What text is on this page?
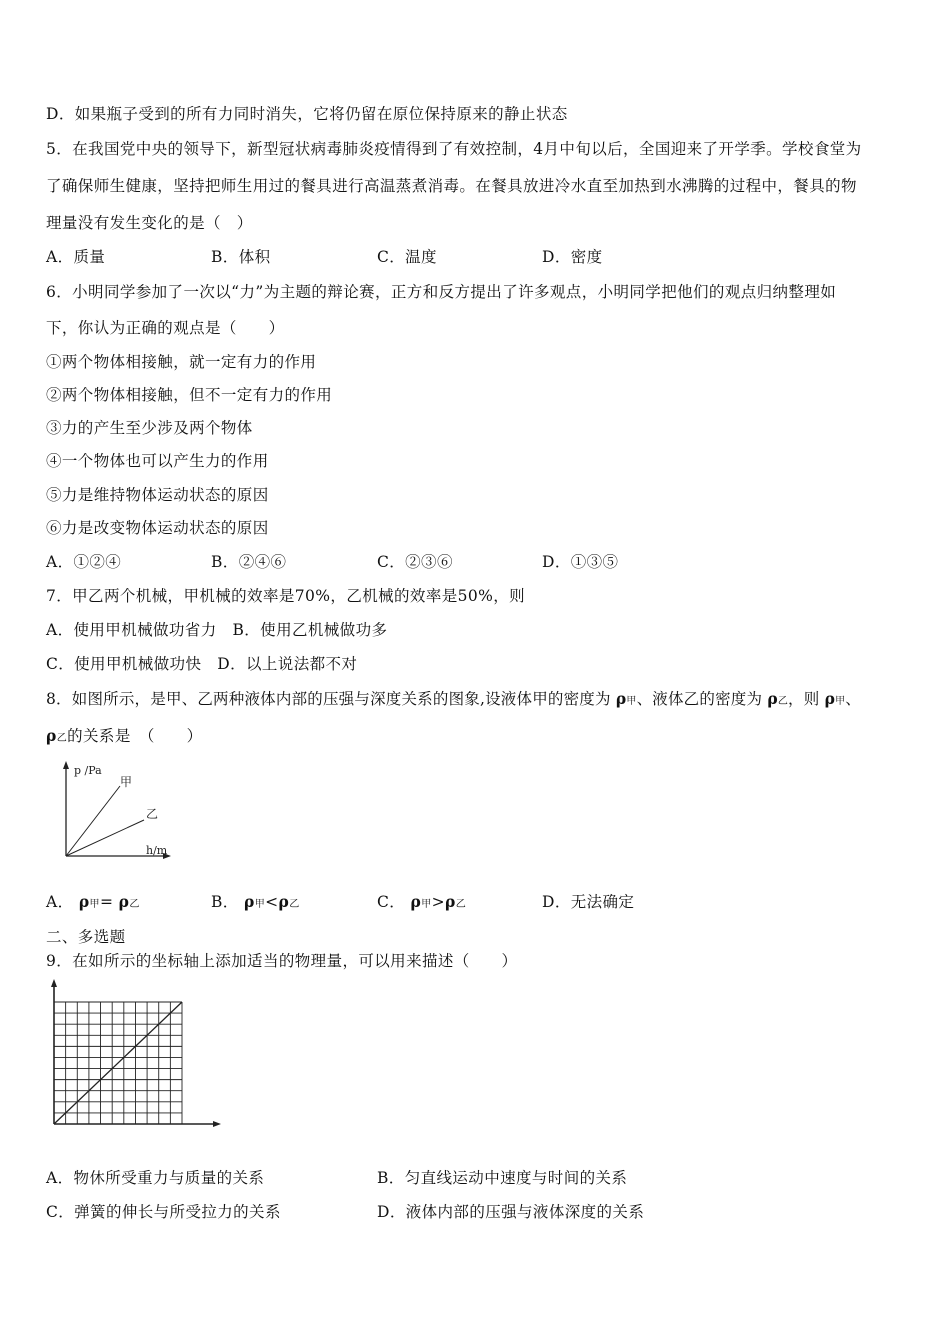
D．如果瓶子受到的所有力同时消失，它将仍留在原位保持原来的静止状态
5．在我国党中央的领导下，新型冠状病毒肺炎疫情得到了有效控制，4月中旬以后，全国迎来了开学季。学校食堂为
了确保师生健康，坚持把师生用过的餐具进行高温蒸煮消毒。在餐具放进冷水直至加热到水沸腾的过程中，餐具的物
理量没有发生变化的是（　）
A．质量	B．体积	C．温度	D．密度
6．小明同学参加了一次以“力”为主题的辩论赛，正方和反方提出了许多观点，小明同学把他们的观点归纳整理如
下，你认为正确的观点是（　　）
①两个物体相接触，就一定有力的作用
②两个物体相接触，但不一定有力的作用
③力的产生至少涉及两个物体
④一个物体也可以产生力的作用
⑤力是维持物体运动状态的原因
⑥力是改变物体运动状态的原因
A．①②④	B．②④⑥	C．②③⑥	D．①③⑤
7．甲乙两个机械，甲机械的效率是70%，乙机械的效率是50%，则
A．使用甲机械做功省力　B．使用乙机械做功多
C．使用甲机械做功快　D．以上说法都不对
8．如图所示，是甲、乙两种液体内部的压强与深度关系的图象,设液体甲的密度为 ρ甲、液体乙的密度为 ρ乙，则 ρ甲、
ρ乙的关系是　（　　）
p /Pa
h/m
甲
乙
A． ρ甲= ρ乙	B． ρ甲<ρ乙	C． ρ甲>ρ乙	D．无法确定
二、多选题
9．在如所示的坐标轴上添加适当的物理量，可以用来描述（　　）
A．物休所受重力与质量的关系	B．匀直线运动中速度与时间的关系
C．弹簧的伸长与所受拉力的关系	D．液体内部的压强与液体深度的关系
